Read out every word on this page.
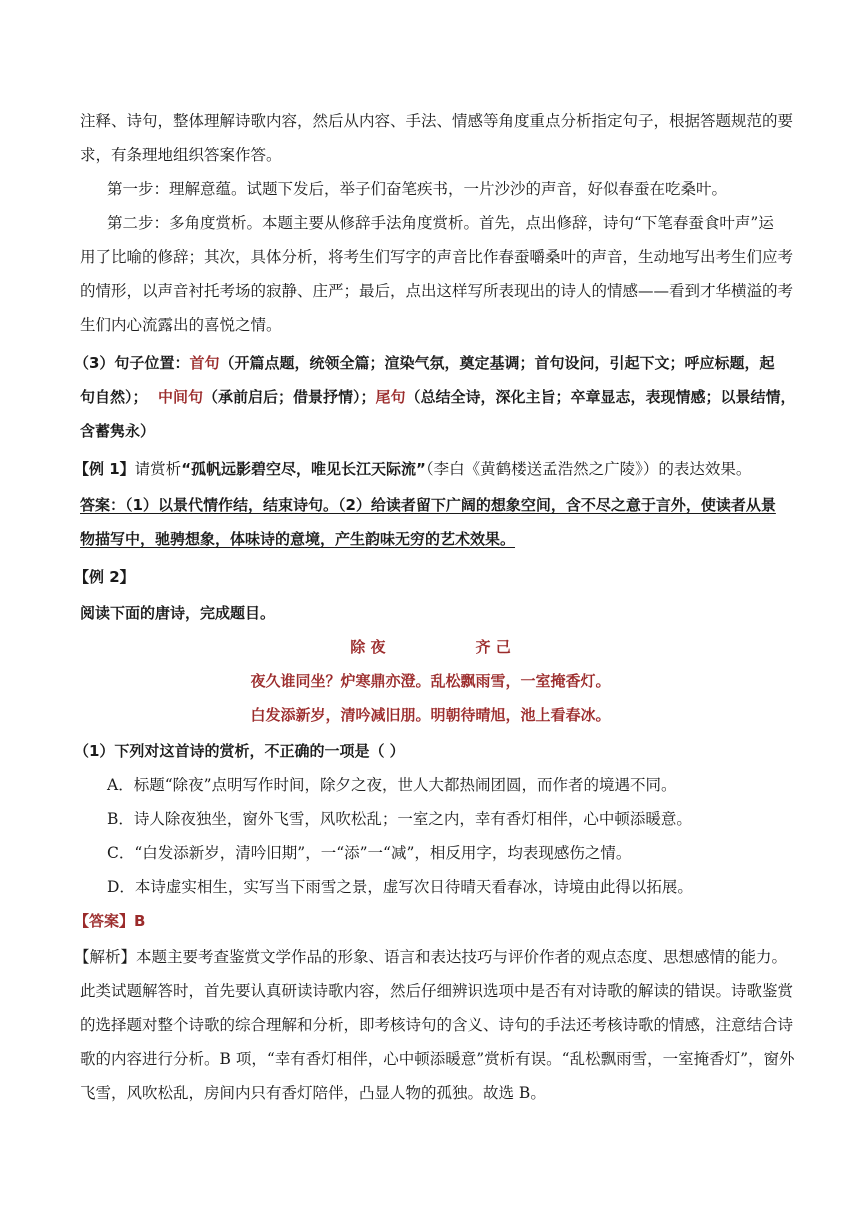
注释、诗句，整体理解诗歌内容，然后从内容、手法、情感等角度重点分析指定句子，根据答题规范的要
求，有条理地组织答案作答。
第一步：理解意蕴。试题下发后，举子们奋笔疾书，一片沙沙的声音，好似春蚕在吃桑叶。
第二步：多角度赏析。本题主要从修辞手法角度赏析。首先，点出修辞，诗句“下笔春蚕食叶声”运
用了比喻的修辞；其次，具体分析，将考生们写字的声音比作春蚕嚼桑叶的声音，生动地写出考生们应考
的情形，以声音衬托考场的寂静、庄严；最后，点出这样写所表现出的诗人的情感——看到才华横溢的考
生们内心流露出的喜悦之情。
（3）句子位置：首句（开篇点题，统领全篇；渲染气氛，奠定基调；首句设问，引起下文；呼应标题，起
句自然）； 中间句（承前启后；借景抒情）；尾句（总结全诗，深化主旨；卒章显志，表现情感；以景结情，
含蓄隽永）
【例 1】请赏析“孤帆远影碧空尽，唯见长江天际流”（李白《黄鹤楼送孟浩然之广陵》）的表达效果。
答案：（1）以景代情作结，结束诗句。（2）给读者留下广阔的想象空间，含不尽之意于言外，使读者从景
物描写中，驰骋想象，体味诗的意境，产生韵味无穷的艺术效果。
【例 2】
阅读下面的唐诗，完成题目。
除 夜	齐 己
夜久谁同坐？炉寒鼎亦澄。乱松飘雨雪，一室掩香灯。
白发添新岁，清吟减旧朋。明朝待晴旭，池上看春冰。
（1）下列对这首诗的赏析，不正确的一项是（ ）
A．标题“除夜”点明写作时间，除夕之夜，世人大都热闹团圆，而作者的境遇不同。
B．诗人除夜独坐，窗外飞雪，风吹松乱；一室之内，幸有香灯相伴，心中顿添暖意。
C．“白发添新岁，清吟旧期”，一“添”一“减”，相反用字，均表现感伤之情。
D．本诗虚实相生，实写当下雨雪之景，虚写次日待晴天看春冰，诗境由此得以拓展。
【答案】B
【解析】本题主要考查鉴赏文学作品的形象、语言和表达技巧与评价作者的观点态度、思想感情的能力。
此类试题解答时，首先要认真研读诗歌内容，然后仔细辨识选项中是否有对诗歌的解读的错误。诗歌鉴赏
的选择题对整个诗歌的综合理解和分析，即考核诗句的含义、诗句的手法还考核诗歌的情感，注意结合诗
歌的内容进行分析。B 项，“幸有香灯相伴，心中顿添暖意”赏析有误。“乱松飘雨雪，一室掩香灯”，窗外
飞雪，风吹松乱，房间内只有香灯陪伴，凸显人物的孤独。故选 B。
